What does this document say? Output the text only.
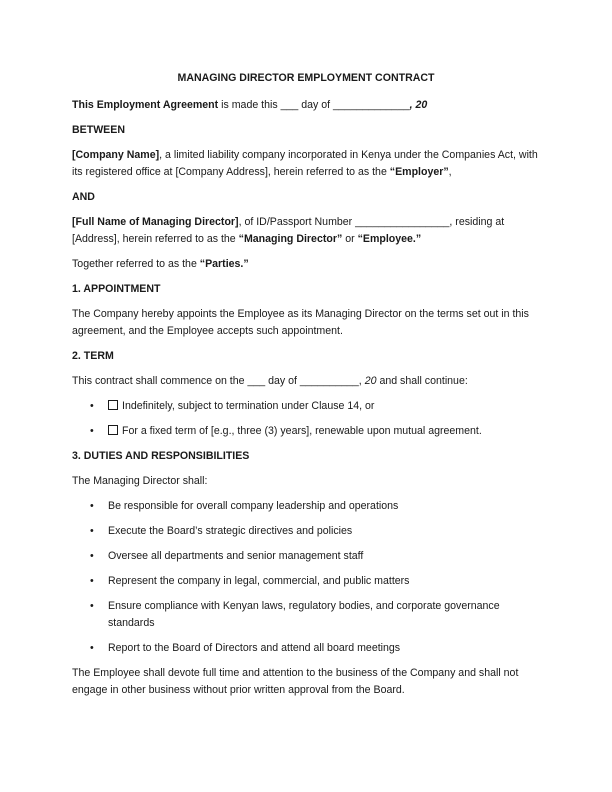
MANAGING DIRECTOR EMPLOYMENT CONTRACT

This Employment Agreement is made this ___ day of _____________, 20

BETWEEN

[Company Name], a limited liability company incorporated in Kenya under the Companies Act, with its registered office at [Company Address], herein referred to as the “Employer”,

AND

[Full Name of Managing Director], of ID/Passport Number ________________, residing at [Address], herein referred to as the “Managing Director” or “Employee.”

Together referred to as the “Parties.”

1. APPOINTMENT

The Company hereby appoints the Employee as its Managing Director on the terms set out in this agreement, and the Employee accepts such appointment.

2. TERM

This contract shall commence on the ___ day of __________, 20 and shall continue:

•	Indefinitely, subject to termination under Clause 14, or
•	For a fixed term of [e.g., three (3) years], renewable upon mutual agreement.
3. DUTIES AND RESPONSIBILITIES

The Managing Director shall:

• Be responsible for overall company leadership and operations
• Execute the Board’s strategic directives and policies
• Oversee all departments and senior management staff
• Represent the company in legal, commercial, and public matters
• Ensure compliance with Kenyan laws, regulatory bodies, and corporate governance standards
• Report to the Board of Directors and attend all board meetings

The Employee shall devote full time and attention to the business of the Company and shall not engage in other business without prior written approval from the Board.
